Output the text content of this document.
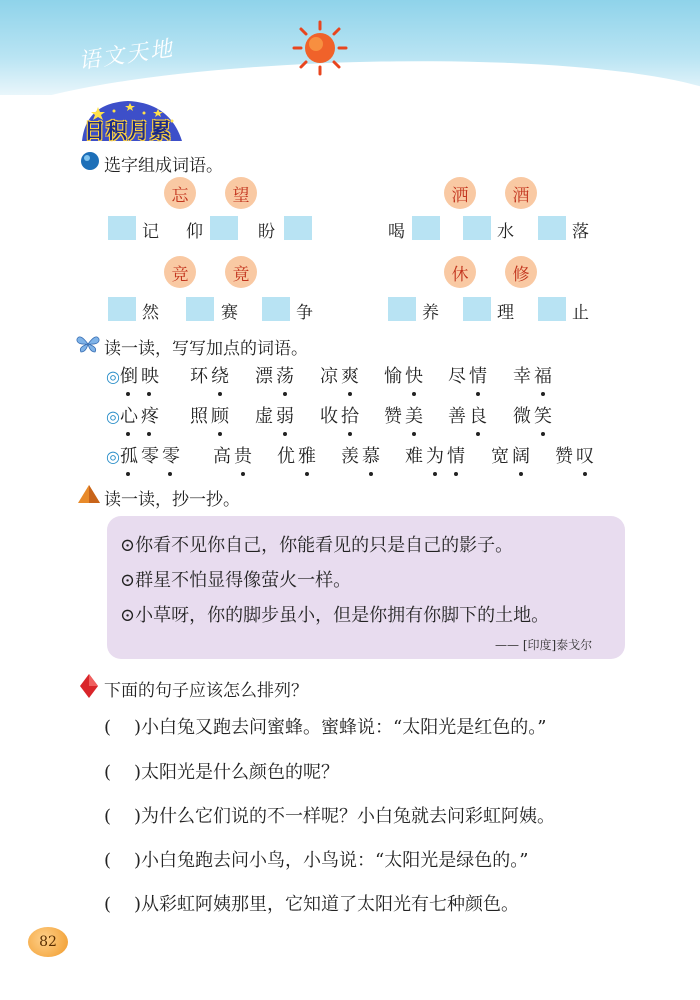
语文天地
日积月累
选字组成词语。
忘	望
记 仰	盼
洒	酒
喝	水	落
竞	竟
然	赛	争
休	修
养	理	止
读一读，写写加点的词语。
◎倒映 环绕 漂荡 凉爽 愉快 尽情 幸福
◎心疼 照顾 虚弱 收拾 赞美 善良 微笑
◎孤零零 高贵 优雅 羡慕 难为情 宽阔 赞叹
读一读，抄一抄。
⊙你看不见你自己，你能看见的只是自己的影子。
⊙群星不怕显得像萤火一样。
⊙小草呀，你的脚步虽小，但是你拥有你脚下的土地。
—— [印度]泰戈尔
下面的句子应该怎么排列？
( )小白兔又跑去问蜜蜂。蜜蜂说：“太阳光是红色的。”
( )太阳光是什么颜色的呢？
( )为什么它们说的不一样呢？小白兔就去问彩虹阿姨。
( )小白兔跑去问小鸟，小鸟说：“太阳光是绿色的。”
( )从彩虹阿姨那里，它知道了太阳光有七种颜色。
82
